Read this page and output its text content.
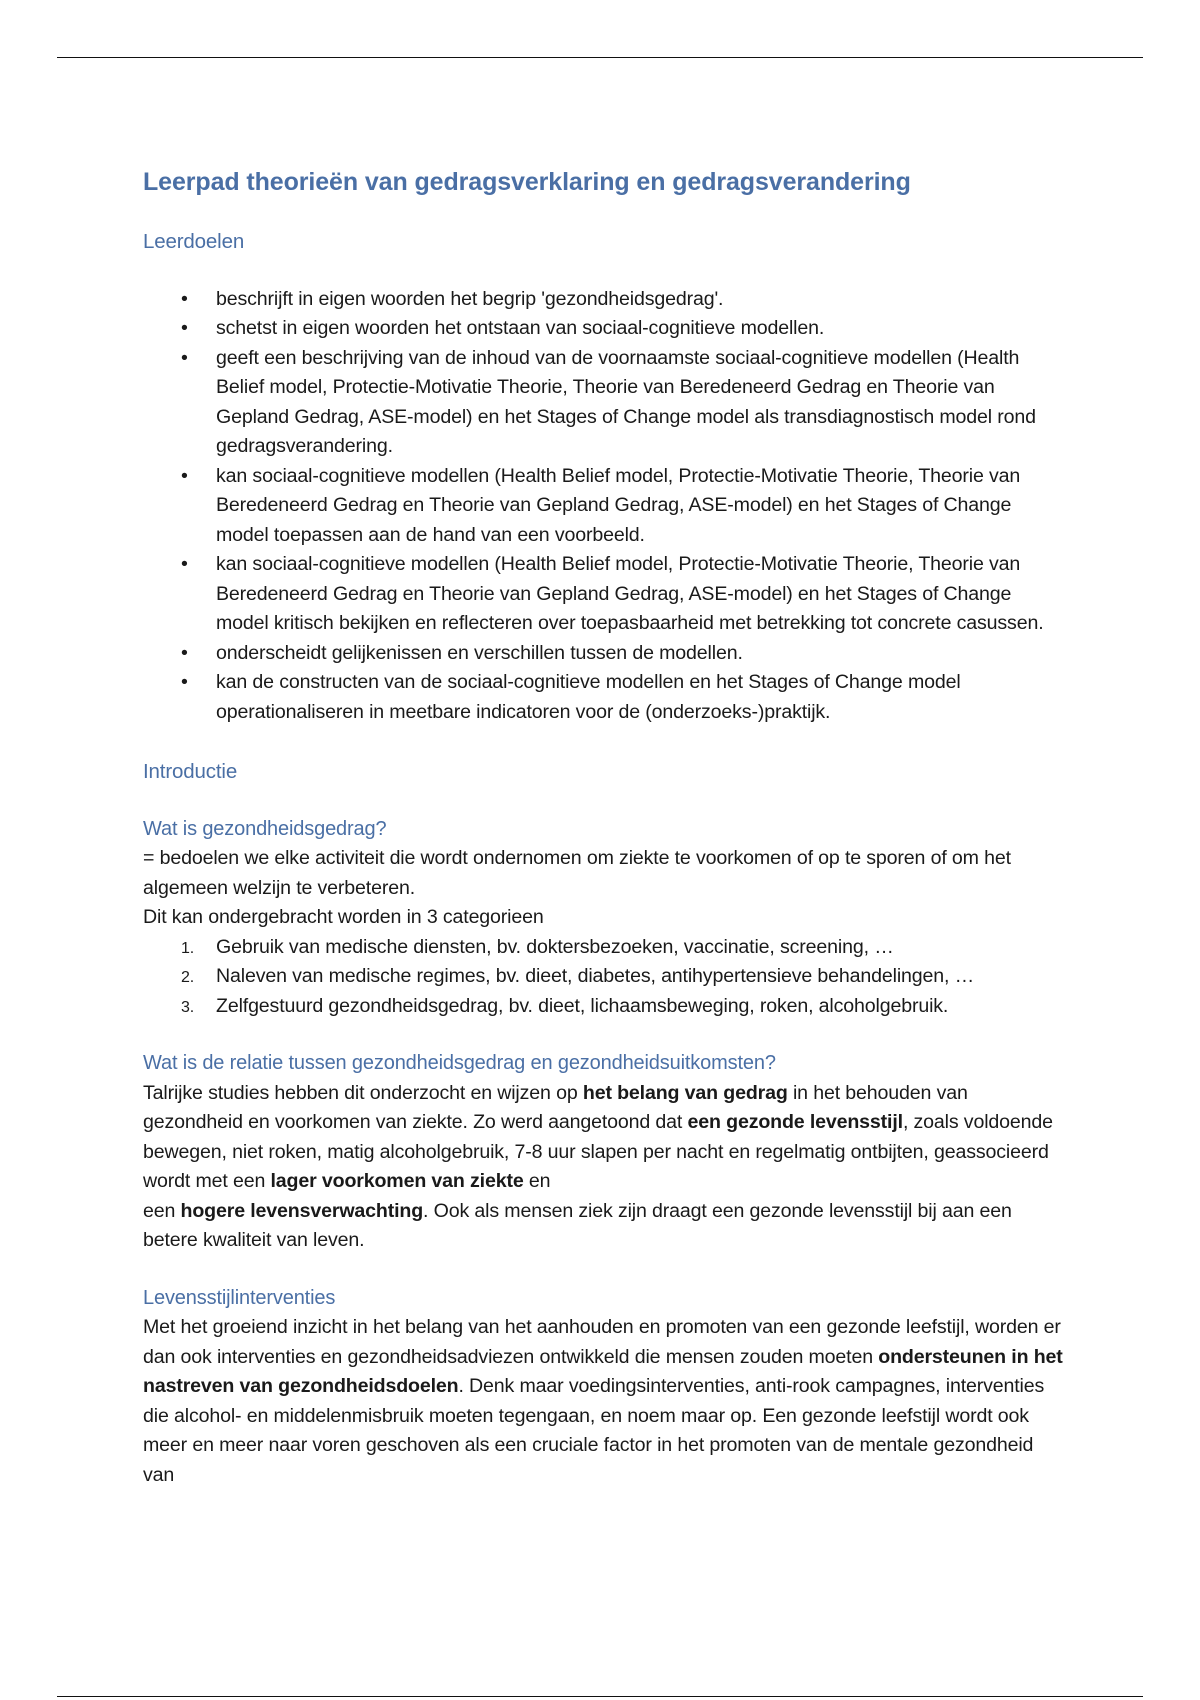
Leerpad theorieën van gedragsverklaring en gedragsverandering
Leerdoelen
• beschrijft in eigen woorden het begrip 'gezondheidsgedrag'.
• schetst in eigen woorden het ontstaan van sociaal-cognitieve modellen.
• geeft een beschrijving van de inhoud van de voornaamste sociaal-cognitieve modellen (Health Belief model, Protectie-Motivatie Theorie, Theorie van Beredeneerd Gedrag en Theorie van Gepland Gedrag, ASE-model) en het Stages of Change model als transdiagnostisch model rond gedragsverandering.
• kan sociaal-cognitieve modellen (Health Belief model, Protectie-Motivatie Theorie, Theorie van Beredeneerd Gedrag en Theorie van Gepland Gedrag, ASE-model) en het Stages of Change model toepassen aan de hand van een voorbeeld.
• kan sociaal-cognitieve modellen (Health Belief model, Protectie-Motivatie Theorie, Theorie van Beredeneerd Gedrag en Theorie van Gepland Gedrag, ASE-model) en het Stages of Change model kritisch bekijken en reflecteren over toepasbaarheid met betrekking tot concrete casussen.
• onderscheidt gelijkenissen en verschillen tussen de modellen.
• kan de constructen van de sociaal-cognitieve modellen en het Stages of Change model operationaliseren in meetbare indicatoren voor de (onderzoeks-)praktijk.
Introductie
Wat is gezondheidsgedrag?

= bedoelen we elke activiteit die wordt ondernomen om ziekte te voorkomen of op te sporen of om het algemeen welzijn te verbeteren.

Dit kan ondergebracht worden in 3 categorieen

1. Gebruik van medische diensten, bv. doktersbezoeken, vaccinatie, screening, …
2. Naleven van medische regimes, bv. dieet, diabetes, antihypertensieve behandelingen, …
3. Zelfgestuurd gezondheidsgedrag, bv. dieet, lichaamsbeweging, roken, alcoholgebruik.
Wat is de relatie tussen gezondheidsgedrag en gezondheidsuitkomsten?

Talrijke studies hebben dit onderzocht en wijzen op het belang van gedrag in het behouden van gezondheid en voorkomen van ziekte. Zo werd aangetoond dat een gezonde levensstijl, zoals voldoende bewegen, niet roken, matig alcoholgebruik, 7-8 uur slapen per nacht en regelmatig ontbijten, geassocieerd wordt met een lager voorkomen van ziekte en

een hogere levensverwachting. Ook als mensen ziek zijn draagt een gezonde levensstijl bij aan een betere kwaliteit van leven.

Levensstijlinterventies

Met het groeiend inzicht in het belang van het aanhouden en promoten van een gezonde leefstijl, worden er dan ook interventies en gezondheidsadviezen ontwikkeld die mensen zouden moeten ondersteunen in het nastreven van gezondheidsdoelen. Denk maar voedingsinterventies, anti-rook campagnes, interventies die alcohol- en middelenmisbruik moeten tegengaan, en noem maar op. Een gezonde leefstijl wordt ook meer en meer naar voren geschoven als een cruciale factor in het promoten van de mentale gezondheid van
